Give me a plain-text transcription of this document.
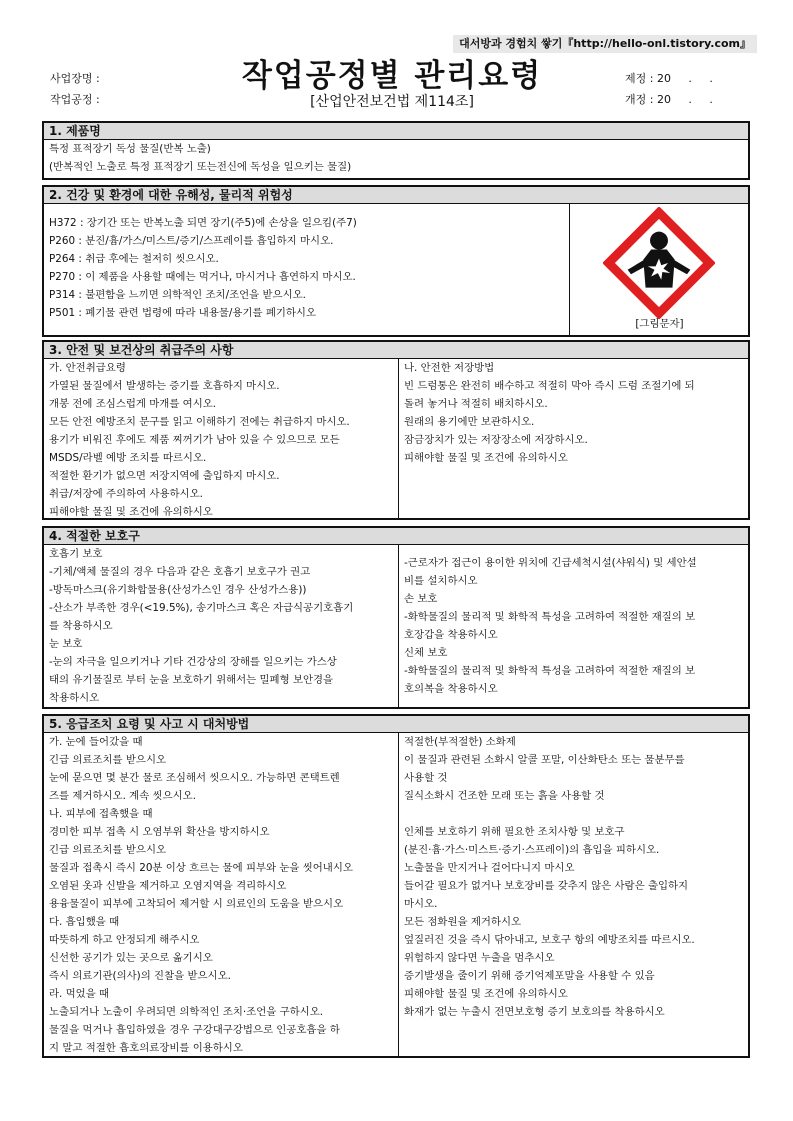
대서방과 경험치 쌓기『http://hello-onl.tistory.com』
사업장명 :
작업공정 :
작업공정별 관리요령
[산업안전보건법 제114조]
제정 : 20     .     .
개정 : 20     .     .
1. 제품명
특정 표적장기 독성 물질(반복 노출)
(반복적인 노출로 특정 표적장기 또는전신에 독성을 일으키는 물질)
2. 건강 및 환경에 대한 유해성, 물리적 위험성
H372 : 장기간 또는 반복노출 되면 장기(주5)에 손상을 일으킴(주7)
P260 : 분진/흄/가스/미스트/증기/스프레이를 흡입하지 마시오.
P264 : 취급 후에는 철저히 씻으시오.
P270 : 이 제품을 사용할 때에는 먹거나, 마시거나 흡연하지 마시오.
P314 : 불편함을 느끼면 의학적인 조치/조언을 받으시오.
P501 : 폐기물 관련 법령에 따라 내용물/용기를 폐기하시오
[그림문자]
3. 안전 및 보건상의 취급주의 사항
가. 안전취급요령
가열된 물질에서 발생하는 증기를 호흡하지 마시오.
개봉 전에 조심스럽게 마개를 여시오.
모든 안전 예방조치 문구를 읽고 이해하기 전에는 취급하지 마시오.
용기가 비워진 후에도 제품 찌꺼기가 남아 있을 수 있으므로 모든
MSDS/라벨 예방 조치를 따르시오.
적절한 환기가 없으면 저장지역에 출입하지 마시오.
취급/저장에 주의하여 사용하시오.
피해야할 물질 및 조건에 유의하시오
나. 안전한 저장방법
빈 드럼통은 완전히 배수하고 적절히 막아 즉시 드럼 조절기에 되
돌려 놓거나 적절히 배치하시오.
원래의 용기에만 보관하시오.
잠금장치가 있는 저장장소에 저장하시오.
피해야할 물질 및 조건에 유의하시오
4. 적절한 보호구
호흡기 보호
-기체/액체 물질의 경우 다음과 같은 호흡기 보호구가 권고
-방독마스크(유기화합물용(산성가스인 경우 산성가스용))
-산소가 부족한 경우(<19.5%), 송기마스크 혹은 자급식공기호흡기
를 착용하시오
눈 보호
-눈의 자극을 일으키거나 기타 건강상의 장해를 일으키는 가스상
태의 유기물질로 부터 눈을 보호하기 위해서는 밀폐형 보안경을
착용하시오
-근로자가 접근이 용이한 위치에 긴급세척시설(샤워식) 및 세안설
비를 설치하시오
손 보호
-화학물질의 물리적 및 화학적 특성을 고려하여 적절한 재질의 보
호장갑을 착용하시오
신체 보호
-화학물질의 물리적 및 화학적 특성을 고려하여 적절한 재질의 보
호의복을 착용하시오
5. 응급조치 요령 및 사고 시 대처방법
가. 눈에 들어갔을 때
긴급 의료조치를 받으시오
눈에 묻으면 몇 분간 물로 조심해서 씻으시오. 가능하면 콘택트렌
즈를 제거하시오. 계속 씻으시오.
나. 피부에 접촉했을 때
경미한 피부 접촉 시 오염부위 확산을 방지하시오
긴급 의료조치를 받으시오
물질과 접촉시 즉시 20분 이상 흐르는 물에 피부와 눈을 씻어내시오
오염된 옷과 신발을 제거하고 오염지역을 격리하시오
용융물질이 피부에 고착되어 제거할 시 의료인의 도움을 받으시오
다. 흡입했을 때
따뜻하게 하고 안정되게 해주시오
신선한 공기가 있는 곳으로 옮기시오
즉시 의료기관(의사)의 진찰을 받으시오.
라. 먹었을 때
노출되거나 노출이 우려되면 의학적인 조치·조언을 구하시오.
물질을 먹거나 흡입하였을 경우 구강대구강법으로 인공호흡을 하
지 말고 적절한 흡호의료장비를 이용하시오
적절한(부적절한) 소화제
이 물질과 관련된 소화시 알콜 포말, 이산화탄소 또는 물분무를
사용할 것
질식소화시 건조한 모래 또는 흙을 사용할 것
인체를 보호하기 위해 필요한 조치사항 및 보호구
(분진·흄·가스·미스트·증기·스프레이)의 흡입을 피하시오.
노출물을 만지거나 걸어다니지 마시오
들어갈 필요가 없거나 보호장비를 갖추지 않은 사람은 출입하지
마시오.
모든 점화원을 제거하시오
엎질러진 것을 즉시 닦아내고, 보호구 항의 예방조치를 따르시오.
위험하지 않다면 누출을 멈추시오
증기발생을 줄이기 위해 증기억제포말을 사용할 수 있음
피해야할 물질 및 조건에 유의하시오
화재가 없는 누출시 전면보호형 증기 보호의를 착용하시오
